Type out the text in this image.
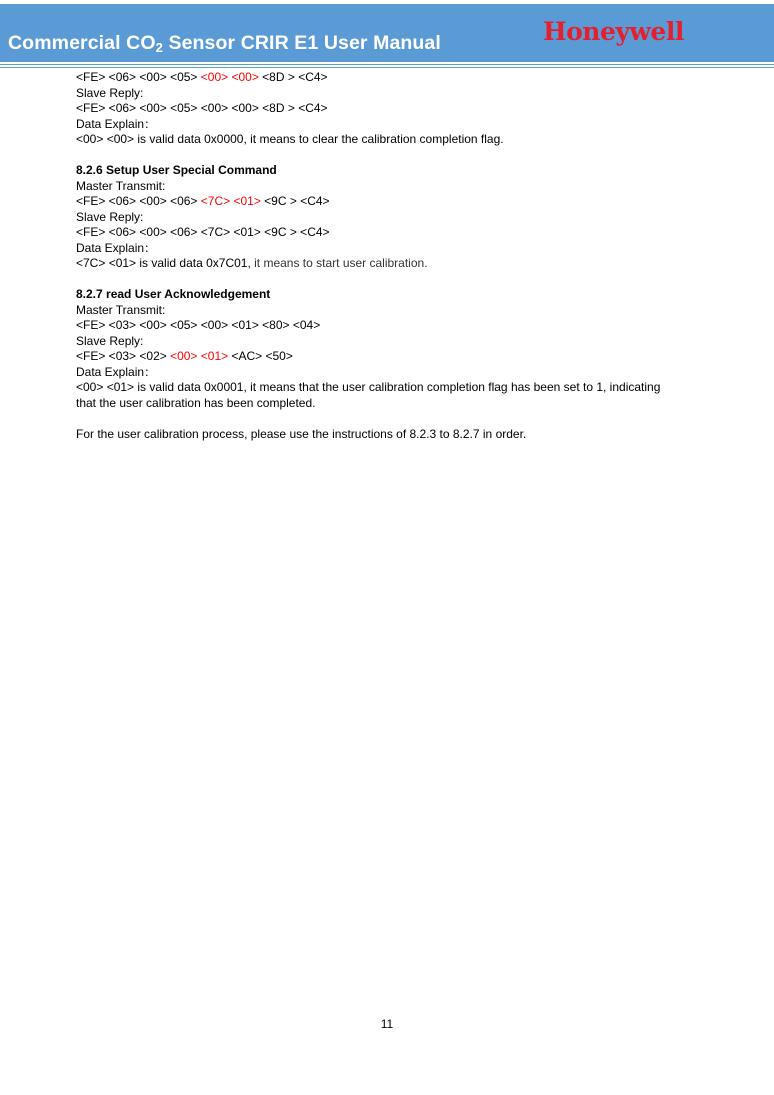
Commercial $CO_2$ Sensor CRIR E1 User Manual	Honeywell
<FE> <06> <00> <05> <00> <00> <8D > <C4>
Slave Reply:
<FE> <06> <00> <05> <00> <00> <8D > <C4>
Data Explain：
<00> <00> is valid data 0x0000, it means to clear the calibration completion flag.
8.2.6 Setup User Special Command
Master Transmit:
<FE> <06> <00> <06> <7C> <01> <9C > <C4>
Slave Reply:
<FE> <06> <00> <06> <7C> <01> <9C > <C4>
Data Explain：
<7C> <01> is valid data 0x7C01, it means to start user calibration.
8.2.7 read User Acknowledgement
Master Transmit:
<FE> <03> <00> <05> <00> <01> <80> <04>
Slave Reply:
<FE> <03> <02> <00> <01> <AC> <50>
Data Explain：
<00> <01> is valid data 0x0001, it means that the user calibration completion flag has been set to 1, indicating
that the user calibration has been completed.
For the user calibration process, please use the instructions of 8.2.3 to 8.2.7 in order.
11
